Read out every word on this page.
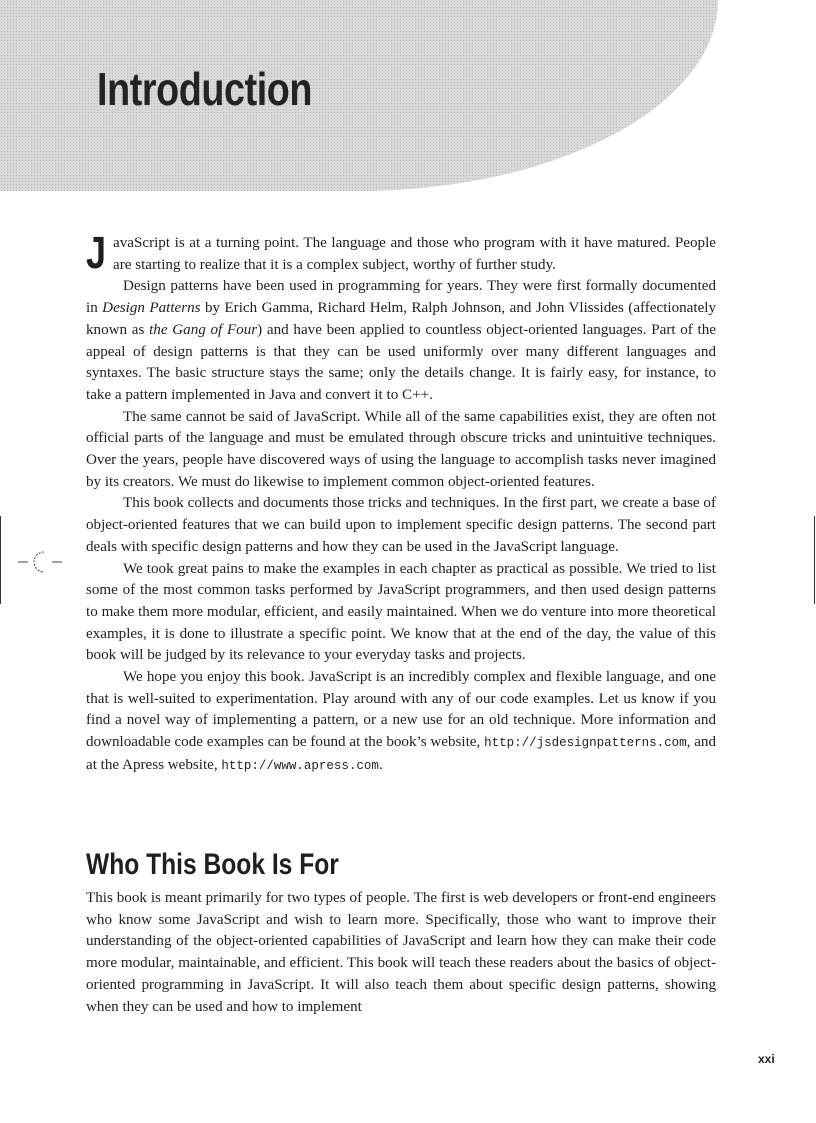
Introduction

JavaScript is at a turning point. The language and those who program with it have matured. People are starting to realize that it is a complex subject, worthy of further study.

Design patterns have been used in programming for years. They were first formally documented in Design Patterns by Erich Gamma, Richard Helm, Ralph Johnson, and John Vlissides (affectionately known as the Gang of Four) and have been applied to countless object-oriented languages. Part of the appeal of design patterns is that they can be used uniformly over many different languages and syntaxes. The basic structure stays the same; only the details change. It is fairly easy, for instance, to take a pattern implemented in Java and convert it to C++.

The same cannot be said of JavaScript. While all of the same capabilities exist, they are often not official parts of the language and must be emulated through obscure tricks and unintuitive techniques. Over the years, people have discovered ways of using the language to accomplish tasks never imagined by its creators. We must do likewise to implement common object-oriented features.

This book collects and documents those tricks and techniques. In the first part, we create a base of object-oriented features that we can build upon to implement specific design patterns. The second part deals with specific design patterns and how they can be used in the JavaScript language.

We took great pains to make the examples in each chapter as practical as possible. We tried to list some of the most common tasks performed by JavaScript programmers, and then used design patterns to make them more modular, efficient, and easily maintained. When we do venture into more theoretical examples, it is done to illustrate a specific point. We know that at the end of the day, the value of this book will be judged by its relevance to your everyday tasks and projects.

We hope you enjoy this book. JavaScript is an incredibly complex and flexible language, and one that is well-suited to experimentation. Play around with any of our code examples. Let us know if you find a novel way of implementing a pattern, or a new use for an old technique. More information and downloadable code examples can be found at the book’s website, http://jsdesignpatterns.com, and at the Apress website, http://www.apress.com.

Who This Book Is For

This book is meant primarily for two types of people. The first is web developers or front-end engineers who know some JavaScript and wish to learn more. Specifically, those who want to improve their understanding of the object-oriented capabilities of JavaScript and learn how they can make their code more modular, maintainable, and efficient. This book will teach these readers about the basics of object-oriented programming in JavaScript. It will also teach them about specific design patterns, showing when they can be used and how to implement

xxi
